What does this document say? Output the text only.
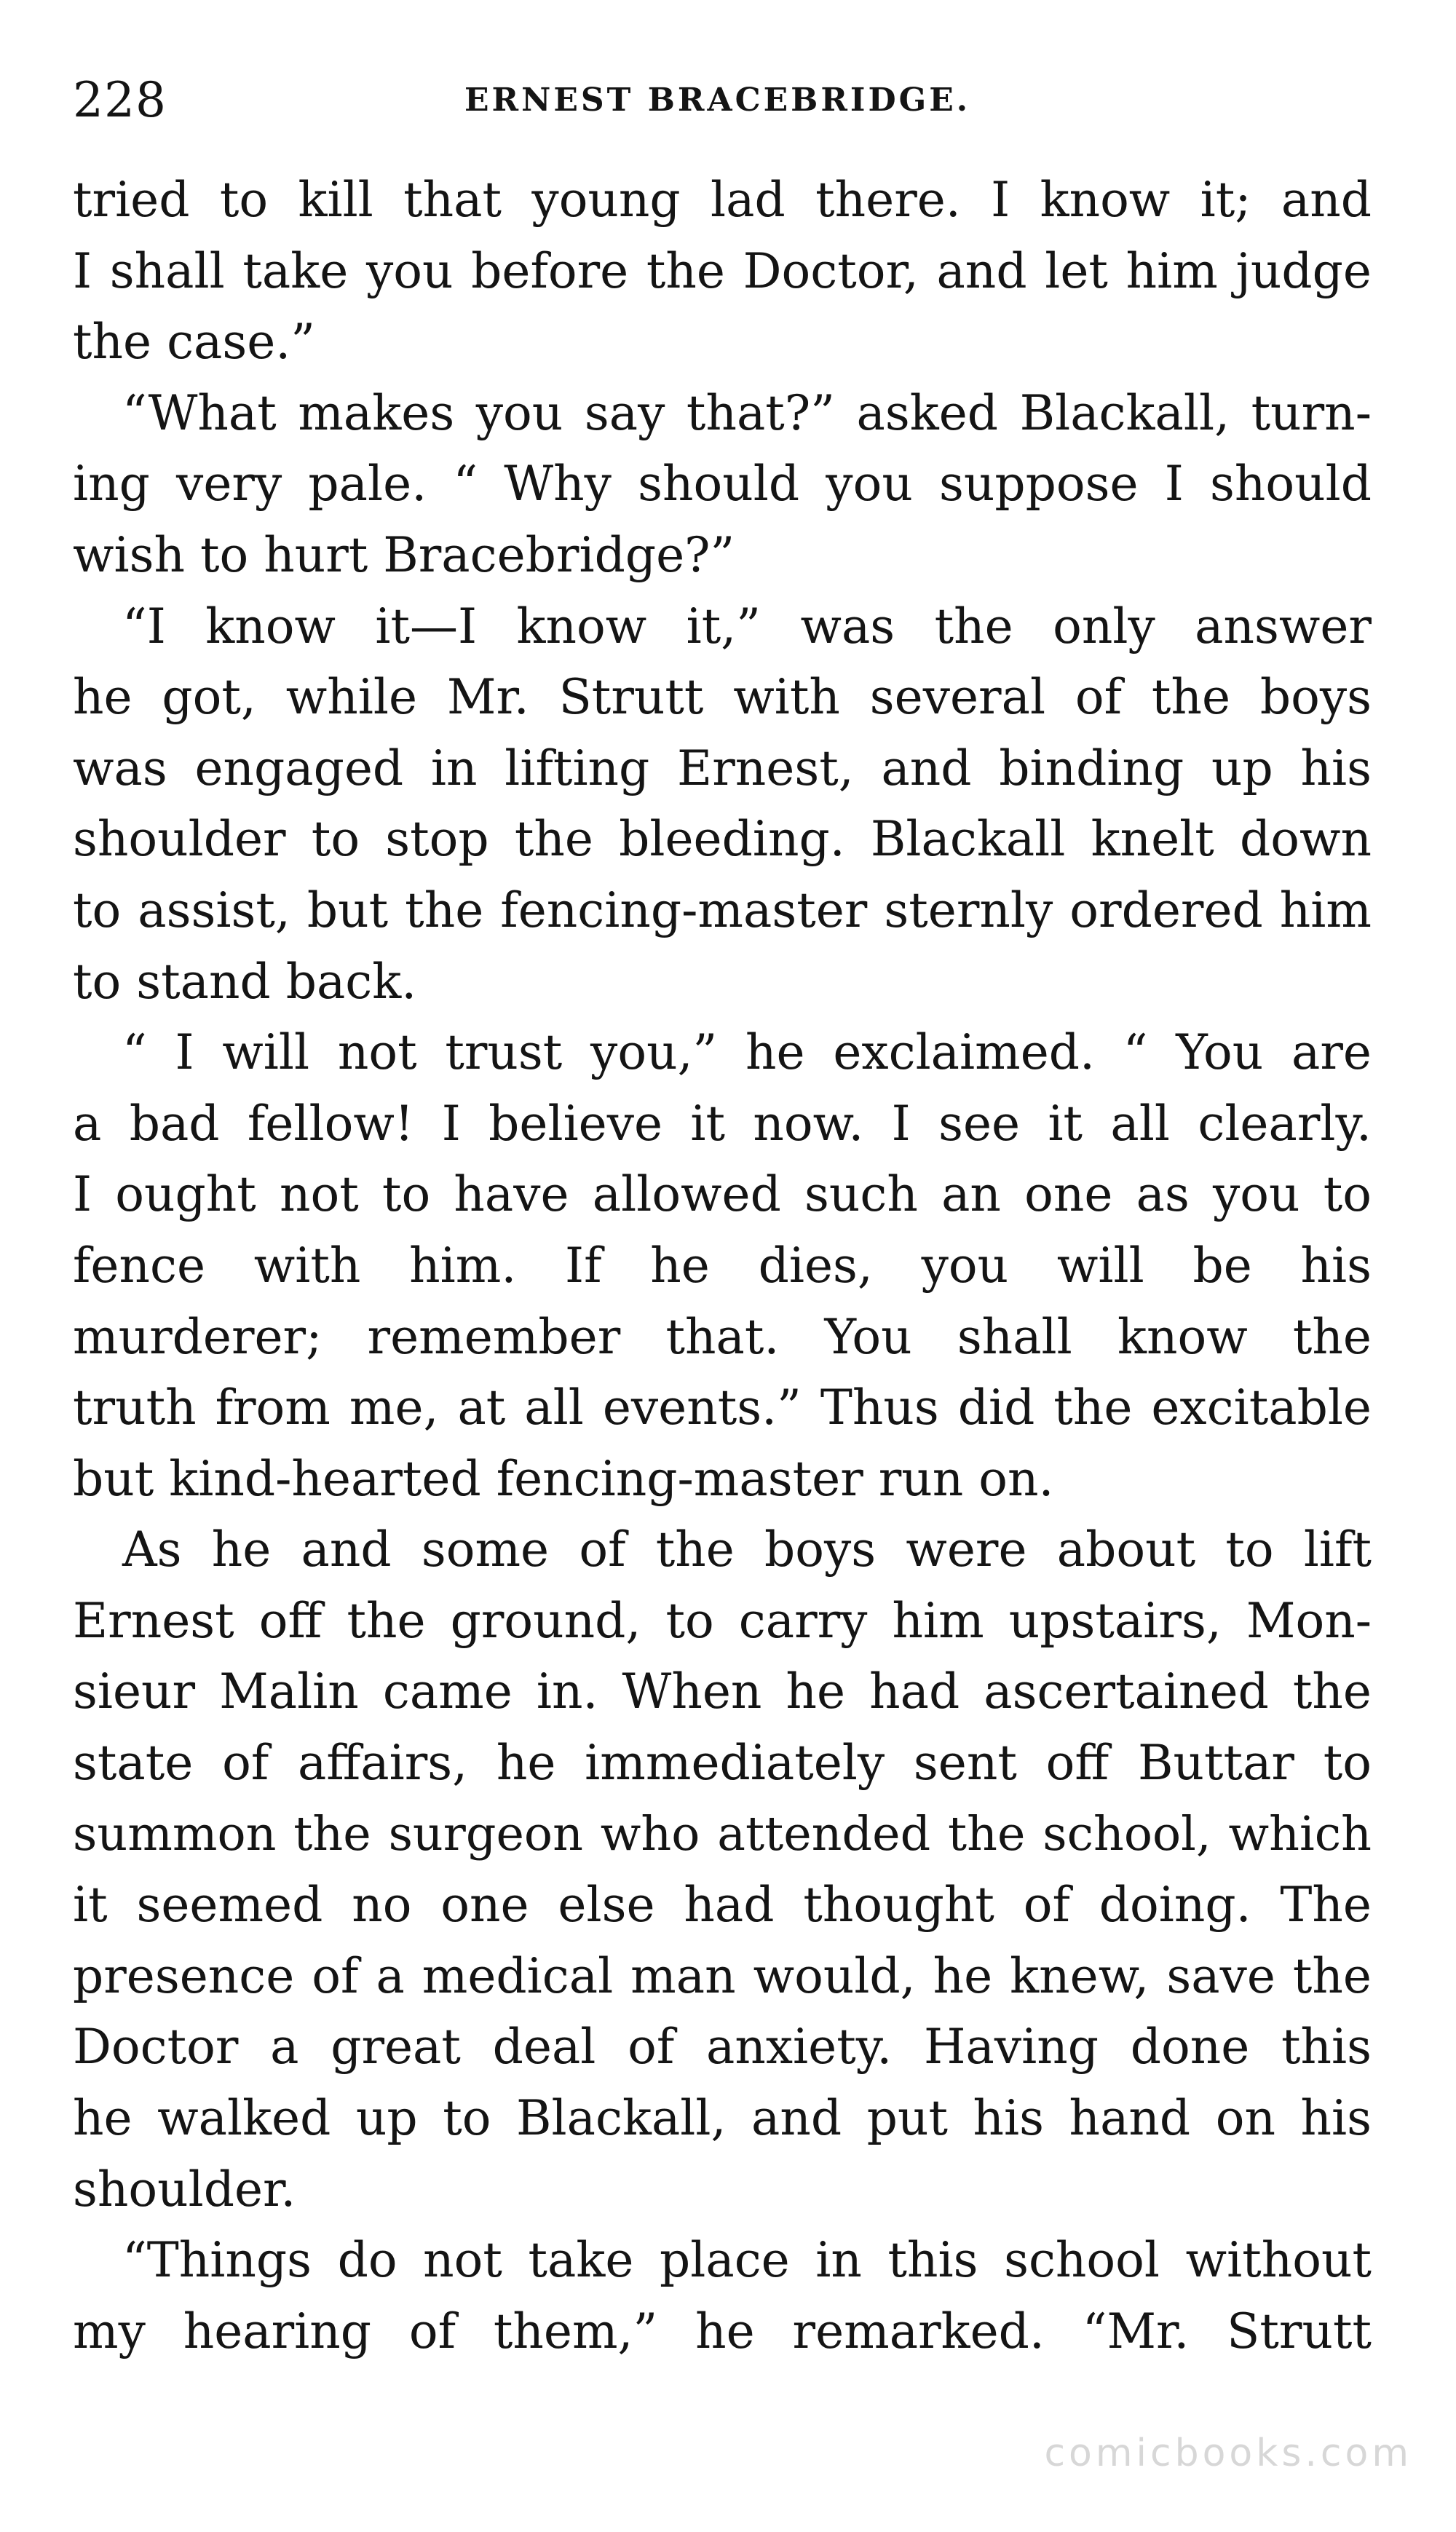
228	ERNEST BRACEBRIDGE.
tried to kill that young lad there. I know it; and
I shall take you before the Doctor, and let him judge
the case.”
“What makes you say that?” asked Blackall, turn-
ing very pale. “ Why should you suppose I should
wish to hurt Bracebridge?”
“I know it—I know it,” was the only answer
he got, while Mr. Strutt with several of the boys
was engaged in lifting Ernest, and binding up his
shoulder to stop the bleeding. Blackall knelt down
to assist, but the fencing-master sternly ordered him
to stand back.
“ I will not trust you,” he exclaimed. “ You are
a bad fellow! I believe it now. I see it all clearly.
I ought not to have allowed such an one as you to
fence with him. If he dies, you will be his
murderer; remember that. You shall know the
truth from me, at all events.” Thus did the excitable
but kind-hearted fencing-master run on.
As he and some of the boys were about to lift
Ernest off the ground, to carry him upstairs, Mon-
sieur Malin came in. When he had ascertained the
state of affairs, he immediately sent off Buttar to
summon the surgeon who attended the school, which
it seemed no one else had thought of doing. The
presence of a medical man would, he knew, save the
Doctor a great deal of anxiety. Having done this
he walked up to Blackall, and put his hand on his
shoulder.
“Things do not take place in this school without
my hearing of them,” he remarked. “Mr. Strutt
comicbooks.com
